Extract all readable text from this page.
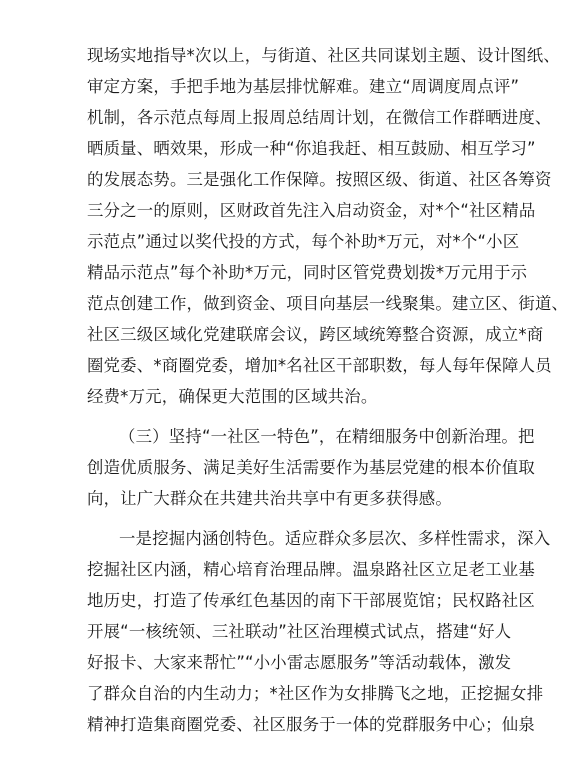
现场实地指导*次以上，与街道、社区共同谋划主题、设计图纸、
审定方案，手把手地为基层排忧解难。建立“周调度周点评”
机制，各示范点每周上报周总结周计划，在微信工作群晒进度、
晒质量、晒效果，形成一种“你追我赶、相互鼓励、相互学习”
的发展态势。三是强化工作保障。按照区级、街道、社区各筹资
三分之一的原则，区财政首先注入启动资金，对*个“社区精品
示范点”通过以奖代投的方式，每个补助*万元，对*个“小区
精品示范点”每个补助*万元，同时区管党费划拨*万元用于示
范点创建工作，做到资金、项目向基层一线聚集。建立区、街道、
社区三级区域化党建联席会议，跨区域统筹整合资源，成立*商
圈党委、*商圈党委，增加*名社区干部职数，每人每年保障人员
经费*万元，确保更大范围的区域共治。
（三）坚持“一社区一特色”，在精细服务中创新治理。把
创造优质服务、满足美好生活需要作为基层党建的根本价值取
向，让广大群众在共建共治共享中有更多获得感。
一是挖掘内涵创特色。适应群众多层次、多样性需求，深入
挖掘社区内涵，精心培育治理品牌。温泉路社区立足老工业基
地历史，打造了传承红色基因的南下干部展览馆；民权路社区
开展“一核统领、三社联动”社区治理模式试点，搭建“好人
好报卡、大家来帮忙”“小小雷志愿服务”等活动载体，激发
了群众自治的内生动力；*社区作为女排腾飞之地，正挖掘女排
精神打造集商圈党委、社区服务于一体的党群服务中心；仙泉
